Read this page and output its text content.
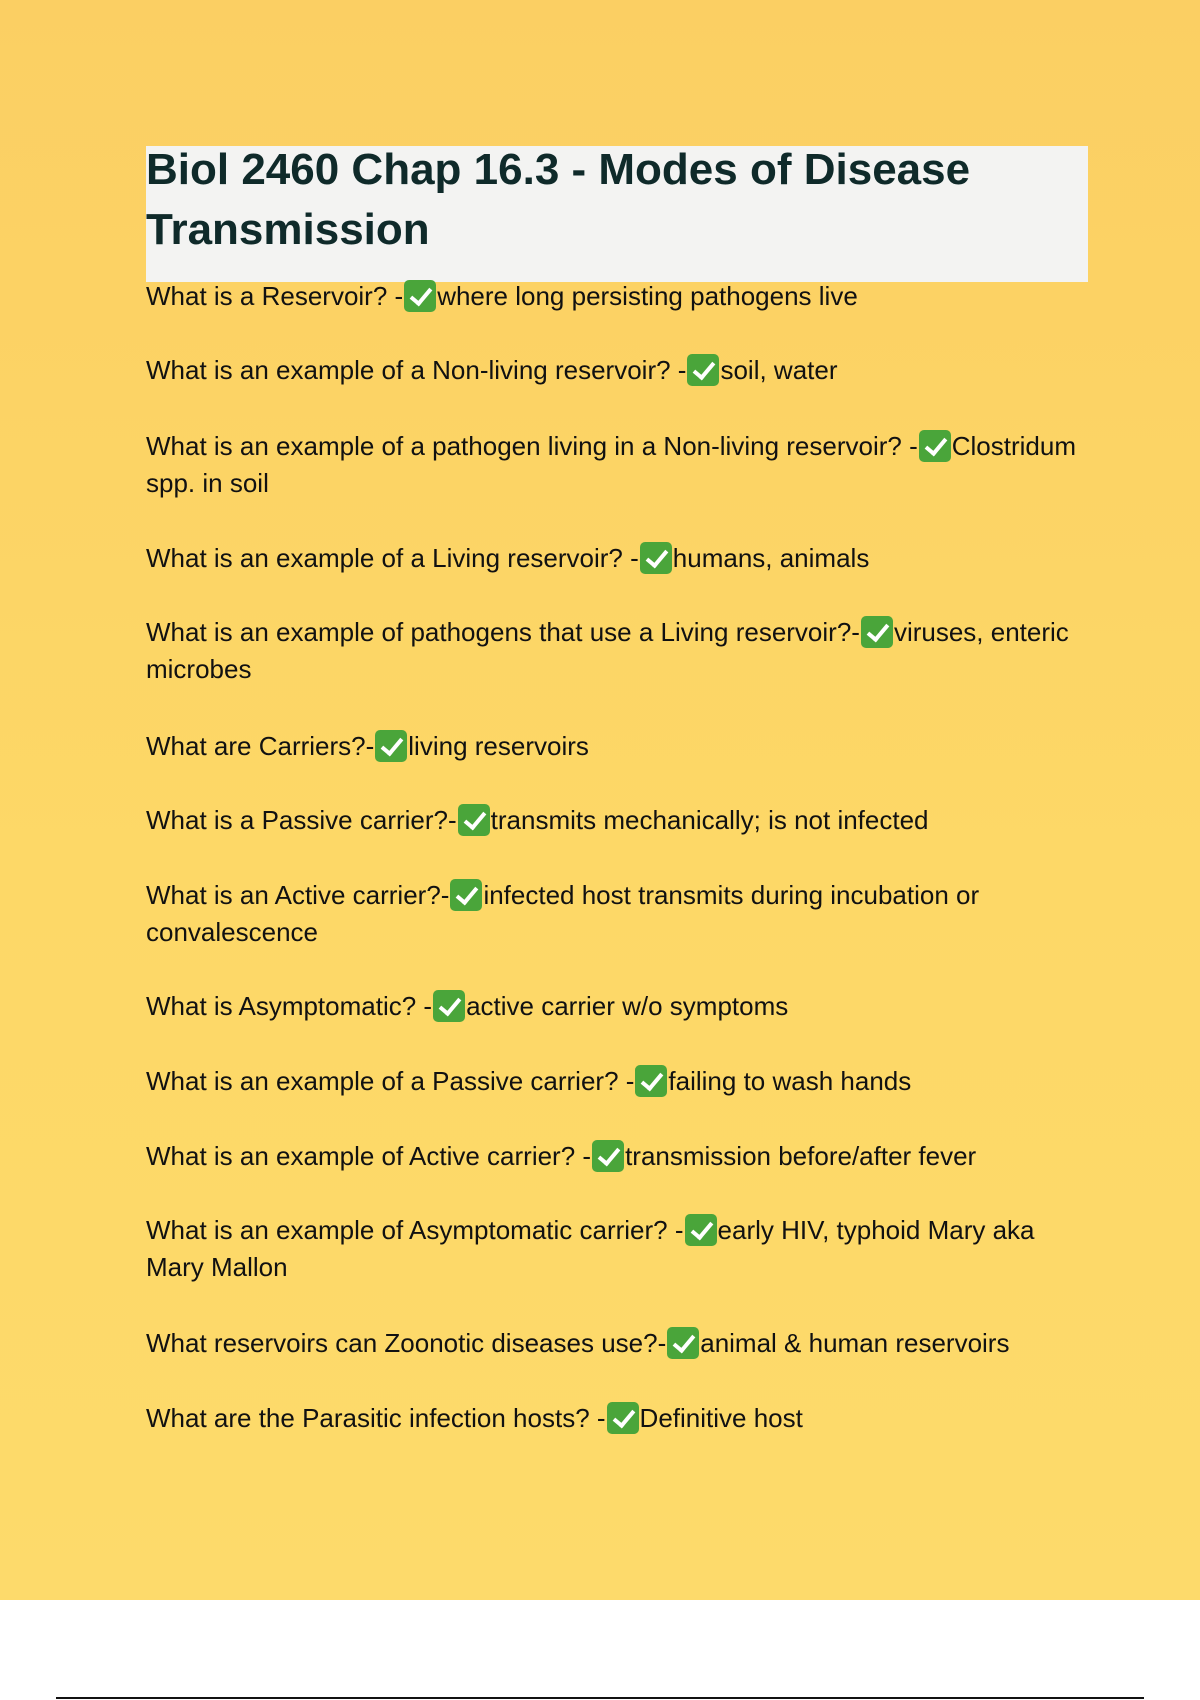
Biol 2460 Chap 16.3 - Modes of Disease Transmission

What is a Reservoir? - where long persisting pathogens live

What is an example of a Non-living reservoir? - soil, water

What is an example of a pathogen living in a Non-living reservoir? - Clostridum spp. in soil

What is an example of a Living reservoir? - humans, animals

What is an example of pathogens that use a Living reservoir?- viruses, enteric microbes

What are Carriers?- living reservoirs

What is a Passive carrier?- transmits mechanically; is not infected

What is an Active carrier?- infected host transmits during incubation or convalescence

What is Asymptomatic? - active carrier w/o symptoms

What is an example of a Passive carrier? - failing to wash hands

What is an example of Active carrier? - transmission before/after fever

What is an example of Asymptomatic carrier? - early HIV, typhoid Mary aka Mary Mallon

What reservoirs can Zoonotic diseases use?- animal & human reservoirs

What are the Parasitic infection hosts? - Definitive host
